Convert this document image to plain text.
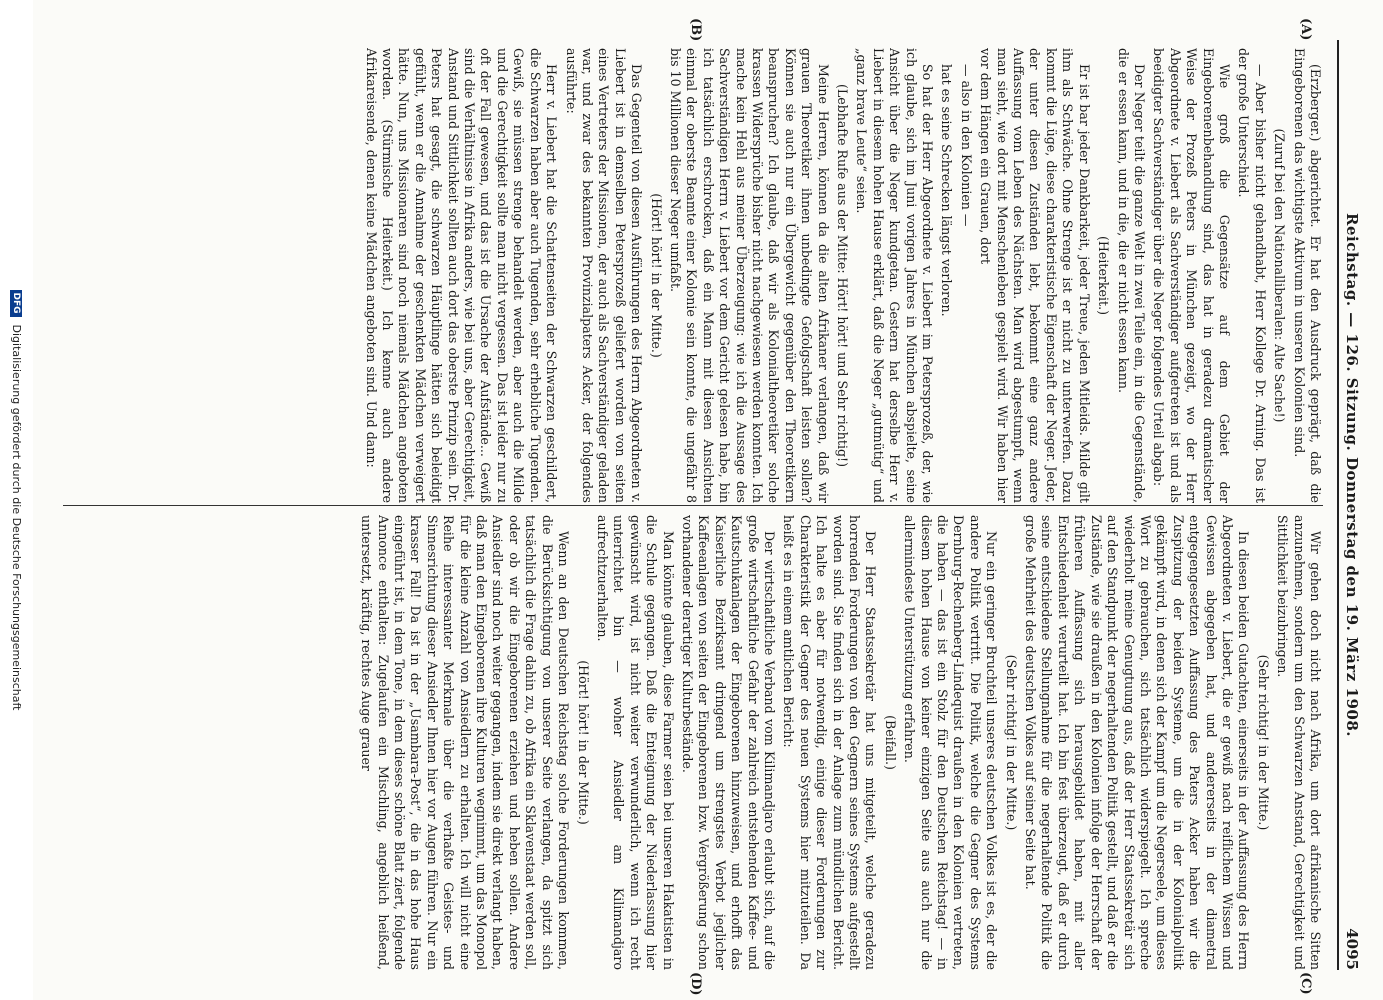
Reichstag. — 126. Sitzung. Donnerstag den 19. März 1908.
4095
(A)
(B)
(C)
(D)

(Erzberger.) abgerichtet. Er hat den Ausdruck geprägt, daß die Eingeborenen das wichtigste Aktivum in unseren Kolonien sind.

(Zuruf bei den Nationalliberalen: Alte Sache!)

— Aber bisher nicht gehandhabt, Herr Kollege Dr. Arning. Das ist der große Unterschied.

Wie groß die Gegensätze auf dem Gebiet der Eingeborenenbehandlung sind, das hat in geradezu dramatischer Weise der Prozeß Peters in München gezeigt, wo der Herr Abgeordnete v. Liebert als Sachverständiger aufgetreten ist und als beeidigter Sachverständiger über die Neger folgendes Urteil abgab:

Der Neger teilt die ganze Welt in zwei Teile ein, in die Gegenstände, die er essen kann, und in die, die er nicht essen kann.

(Heiterkeit.)

Er ist bar jeder Dankbarkeit, jeder Treue, jeden Mitleids. Milde gilt ihm als Schwäche. Ohne Strenge ist er nicht zu unterwerfen. Dazu kommt die Lüge, diese charakteristische Eigenschaft der Neger. Jeder, der unter diesen Zuständen lebt, bekommt eine ganz andere Auffassung vom Leben des Nächsten. Man wird abgestumpft, wenn man sieht, wie dort mit Menschenleben gespielt wird. Wir haben hier vor dem Hängen ein Grauen, dort

— also in den Kolonien —

hat es seine Schrecken längst verloren.

So hat der Herr Abgeordnete v. Liebert im Petersprozeß, der, wie ich glaube, sich im Juni vorigen Jahres in München abspielte, seine Ansicht über die Neger kundgetan. Gestern hat derselbe Herr v. Liebert in diesem hohen Hause erklärt, daß die Neger „gutmütig“ und „ganz brave Leute“ seien.

(Lebhafte Rufe aus der Mitte: Hört! hört! und Sehr richtig!)

Meine Herren, können da die alten Afrikaner verlangen, daß wir grauen Theoretiker ihnen unbedingte Gefolgschaft leisten sollen? Können sie auch nur ein Übergewicht gegenüber den Theoretikern beanspruchen? Ich glaube, daß wir als Kolonialtheoretiker solche krassen Widersprüche bisher nicht nachgewiesen werden konnten. Ich mache kein Hehl aus meiner Überzeugung: wie ich die Aussage des Sachverständigen Herrn v. Liebert vor dem Gericht gelesen habe, bin ich tatsächlich erschrocken, daß ein Mann mit diesen Ansichten einmal der oberste Beamte einer Kolonie sein konnte, die ungefähr 8 bis 10 Millionen dieser Neger umfaßt.

(Hört! hört! in der Mitte.)

Das Gegenteil von diesen Ausführungen des Herrn Abgeordneten v. Liebert ist in demselben Petersprozeß geliefert worden von seiten eines Vertreters der Missionen, der auch als Sachverständiger geladen war, und zwar des bekannten Provinzialpaters Acker, der folgendes ausführte:

Herr v. Liebert hat die Schattenseiten der Schwarzen geschildert, die Schwarzen haben aber auch Tugenden, sehr erhebliche Tugenden. Gewiß, sie müssen strenge behandelt werden, aber auch die Milde und die Gerechtigkeit sollte man nicht vergessen. Das ist leider nur zu oft der Fall gewesen, und das ist die Ursache der Aufstände... Gewiß sind die Verhältnisse in Afrika anders, wie bei uns, aber Gerechtigkeit, Anstand und Sittlichkeit sollten auch dort das oberste Prinzip sein. Dr. Peters hat gesagt, die schwarzen Häuptlinge hätten sich beleidigt gefühlt, wenn er die Annahme der geschenkten Mädchen verweigert hätte. Nun, uns Missionaren sind noch niemals Mädchen angeboten worden. (Stürmische Heiterkeit.) Ich kenne auch andere Afrikareisende, denen keine Mädchen angeboten sind. Und dann:

Wir gehen doch nicht nach Afrika, um dort afrikanische Sitten anzunehmen, sondern um den Schwarzen Anstand, Gerechtigkeit und Sittlichkeit beizubringen.

(Sehr richtig! in der Mitte.)

In diesen beiden Gutachten, einerseits in der Auffassung des Herrn Abgeordneten v. Liebert, die er gewiß nach reiflichem Wissen und Gewissen abgegeben hat, und andererseits in der diametral entgegengesetzten Auffassung des Paters Acker haben wir die Zuspitzung der beiden Systeme, um die in der Kolonialpolitik gekämpft wird, in denen sich der Kampf um die Negerseele, um dieses Wort zu gebrauchen, sich tatsächlich widerspiegelt. Ich spreche wiederholt meine Genugtuung aus, daß der Herr Staatssekretär sich auf den Standpunkt der negerhaltenden Politik gestellt, und daß er die Zustände, wie sie draußen in den Kolonien infolge der Herrschaft der früheren Auffassung sich herausgebildet haben, mit aller Entschiedenheit verurteilt hat. Ich bin fest überzeugt, daß er durch seine entschiedene Stellungnahme für die negerhaltende Politik die große Mehrheit des deutschen Volkes auf seiner Seite hat.

(Sehr richtig! in der Mitte.)

Nur ein geringer Bruchteil unseres deutschen Volkes ist es, der die andere Politik vertritt. Die Politik, welche die Gegner des Systems Dernburg-Rechenberg-Lindequist draußen in den Kolonien vertreten, die haben — das ist ein Stolz für den Deutschen Reichstag! — in diesem hohen Hause von keiner einzigen Seite aus auch nur die allermindeste Unterstützung erfahren.

(Beifall.)

Der Herr Staatssekretär hat uns mitgeteilt, welche geradezu horrenden Forderungen von den Gegnern seines Systems aufgestellt worden sind. Sie finden sich in der Anlage zum mündlichen Bericht. Ich halte es aber für notwendig, einige dieser Forderungen zur Charakteristik der Gegner des neuen Systems hier mitzuteilen. Da heißt es in einem amtlichen Bericht:

Der wirtschaftliche Verband vom Kilimandjaro erlaubt sich, auf die große wirtschaftliche Gefahr der zahlreich entstehenden Kaffee- und Kautschukanlagen der Eingeborenen hinzuweisen, und erhofft das Kaiserliche Bezirksamt dringend um strengstes Verbot jeglicher Kaffeeanlagen von seiten der Eingeborenen bzw. Vergrößerung schon vorhandener derartiger Kulturbestände.

Man könnte glauben, diese Farmer seien bei unseren Hakatisten in die Schule gegangen. Daß die Enteignung der Niederlassung hier gewünscht wird, ist nicht weiter verwunderlich, wenn ich recht unterrichtet bin — woher Ansiedler am Kilimandjaro aufrechtzuerhalten.

(Hört! hört! in der Mitte.)

Wenn an den Deutschen Reichstag solche Forderungen kommen, die Berücksichtigung von unserer Seite verlangen, da spitzt sich tatsächlich die Frage dahin zu, ob Afrika ein Sklavenstaat werden soll, oder ob wir die Eingeborenen erziehen und heben sollen. Andere Ansiedler sind noch weiter gegangen, indem sie direkt verlangt haben, daß man den Eingeborenen ihre Kulturen wegnimmt, um das Monopol für die kleine Anzahl von Ansiedlern zu erhalten. Ich will nicht eine Reihe interessanter Merkmale über die verhaßte Geistes- und Sinnesrichtung dieser Ansiedler Ihnen hier vor Augen führen. Nur ein krasser Fall! Da ist in der „Usambara-Post“, die in das hohe Haus eingeführt ist, in dem Tone, in dem dieses schöne Blatt ziert, folgende Annonce enthalten: Zugelaufen ein Mischling, angeblich heißend, untersetzt, kräftig, rechtes Auge grauer

DFG
Digitalisierung gefördert durch die Deutsche Forschungsgemeinschaft
